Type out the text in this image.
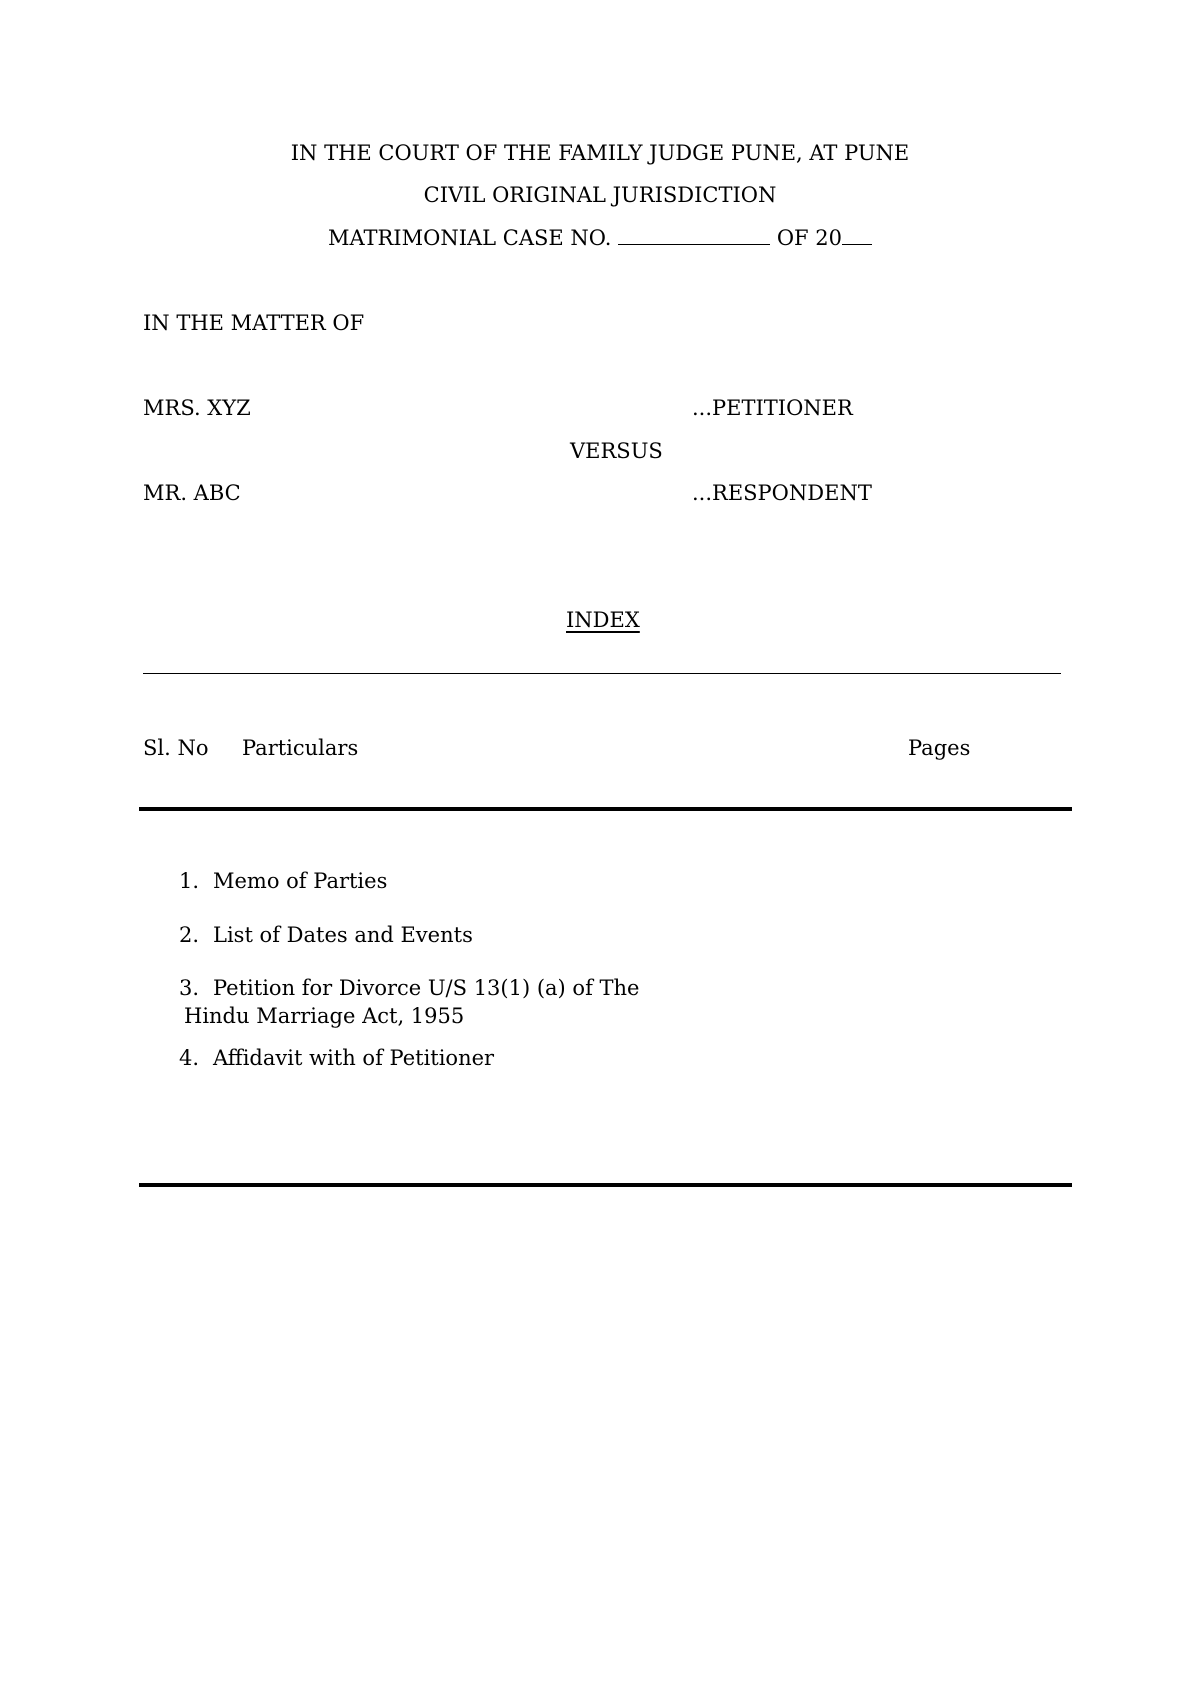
IN THE COURT OF THE FAMILY JUDGE PUNE, AT PUNE
CIVIL ORIGINAL JURISDICTION
MATRIMONIAL CASE NO.	OF 20
IN THE MATTER OF
MRS. XYZ	...PETITIONER
VERSUS
MR. ABC	...RESPONDENT
INDEX
Sl. No Particulars	Pages
1. Memo of Parties
2. List of Dates and Events
3. Petition for Divorce U/S 13(1) (a) of The
Hindu Marriage Act, 1955
4. Affidavit with of Petitioner
